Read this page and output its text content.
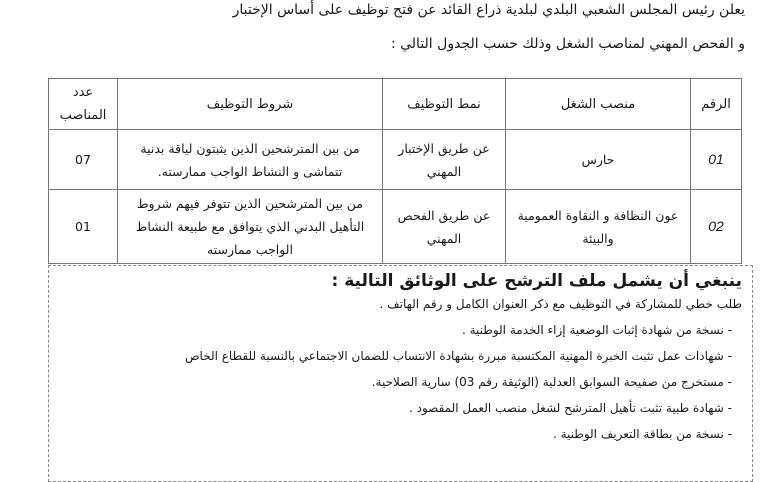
يعلن رئيس المجلس الشعبي البلدي لبلدية ذراع القائد عن فتح توظيف على أساس الإختبار
و الفحص المهني لمناصب الشغل وذلك حسب الجدول التالي :
الرقم	منصب الشغل	نمط التوظيف	شروط التوظيف	عدد المناصب
01	حارس	عن طريق الإختبار المهني	من بين المترشحين الذين يثبتون لياقة بدنية تتماشى و النشاط الواجب ممارسته.	07
02	عون النظافة و النقاوة العمومية والبيئة	عن طريق الفحص المهني	من بين المترشحين الذين تتوفر فيهم شروط التأهيل البدني الذي يتوافق مع طبيعة النشاط الواجب ممارسته	01
ينبغي أن يشمل ملف الترشح على الوثائق التالية :

طلب خطي للمشاركة في التوظيف مع ذكر العنوان الكامل و رقم الهاتف .

- نسخة من شهادة إثبات الوضعية إزاء الخدمة الوطنية .

- شهادات عمل تثبت الخبرة المهنية المكتسبة مبررة بشهادة الانتساب للضمان الاجتماعي بالنسبة للقطاع الخاص

- مستخرج من صفيحة السوابق العدلية (الوثيقة رقم 03) سارية الصلاحية.

- شهادة طبية تثبت تأهيل المترشح لشغل منصب العمل المقصود .

- نسخة من بطاقة التعريف الوطنية .
